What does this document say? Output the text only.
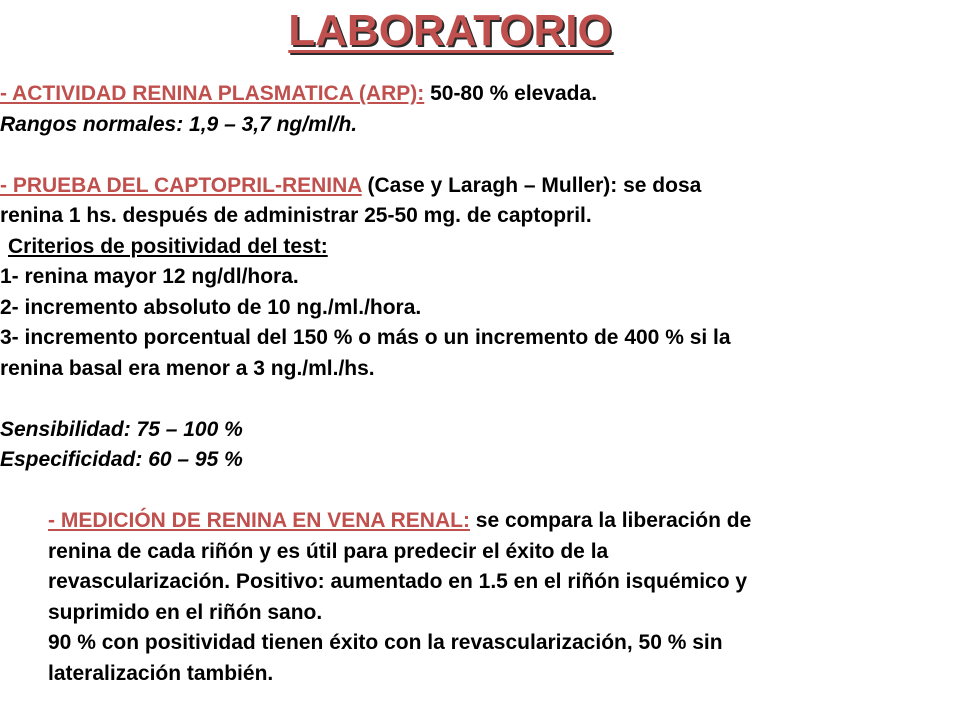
LABORATORIO
- ACTIVIDAD RENINA PLASMATICA (ARP): 50-80 % elevada.
Rangos normales: 1,9 – 3,7 ng/ml/h.
- PRUEBA DEL CAPTOPRIL-RENINA (Case y Laragh – Muller): se dosa
renina 1 hs. después de administrar 25-50 mg. de captopril.
Criterios de positividad del test:
1- renina mayor 12 ng/dl/hora.
2- incremento absoluto de 10 ng./ml./hora.
3- incremento porcentual del 150 % o más o un incremento de 400 % si la
renina basal era menor a 3 ng./ml./hs.
Sensibilidad: 75 – 100 %
Especificidad: 60 – 95 %
- MEDICIÓN DE RENINA EN VENA RENAL: se compara la liberación de
renina de cada riñón y es útil para predecir el éxito de la
revascularización. Positivo: aumentado en 1.5 en el riñón isquémico y
suprimido en el riñón sano.
90 % con positividad tienen éxito con la revascularización, 50 % sin
lateralización también.
